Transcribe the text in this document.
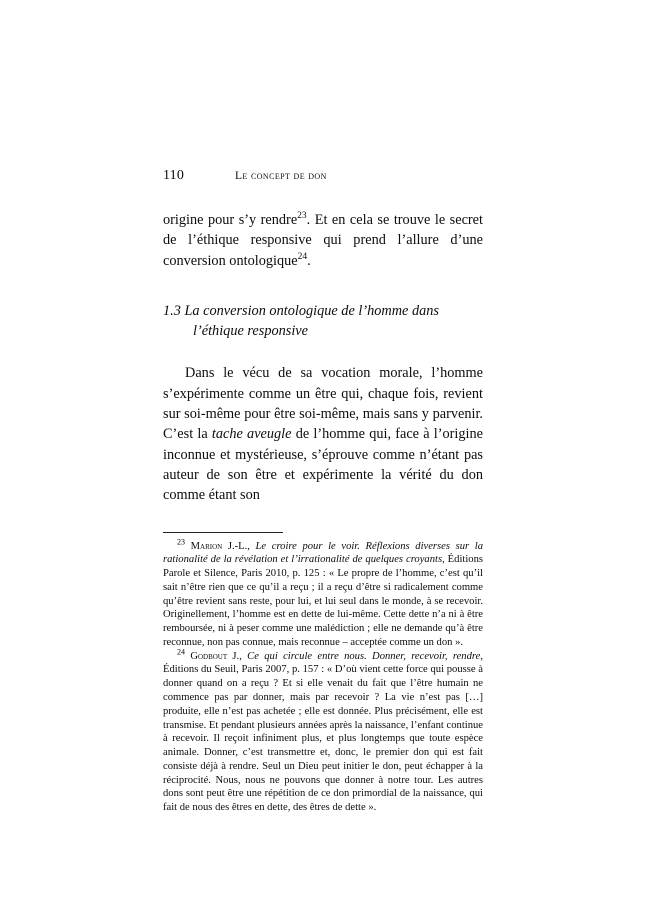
110	Le concept de don

origine pour s’y rendre$^{23}$. Et en cela se trouve le secret de l’éthique responsive qui prend l’allure d’une conversion ontologique$^{24}$.

1.3 La conversion ontologique de l’homme dans
l’éthique responsive

Dans le vécu de sa vocation morale, l’homme s’expérimente comme un être qui, chaque fois, revient sur soi-même pour être soi-même, mais sans y parvenir. C’est la tache aveugle de l’homme qui, face à l’origine inconnue et mystérieuse, s’éprouve comme n’étant pas auteur de son être et expérimente la vérité du don comme étant son

$^{23}$ Marion J.-L., Le croire pour le voir. Réflexions diverses sur la rationalité de la révélation et l’irrationalité de quelques croyants, Éditions Parole et Silence, Paris 2010, p. 125 : « Le propre de l’homme, c’est qu’il sait n’être rien que ce qu’il a reçu ; il a reçu d’être si radicalement comme qu’être revient sans reste, pour lui, et lui seul dans le monde, à se recevoir. Originellement, l’homme est en dette de lui-même. Cette dette n’a ni à être remboursée, ni à peser comme une malédiction ; elle ne demande qu’à être reconnue, non pas connue, mais reconnue – acceptée comme un don ».

$^{24}$ Godbout J., Ce qui circule entre nous. Donner, recevoir, rendre, Éditions du Seuil, Paris 2007, p. 157 : « D’où vient cette force qui pousse à donner quand on a reçu ? Et si elle venait du fait que l’être humain ne commence pas par donner, mais par recevoir ? La vie n’est pas […] produite, elle n’est pas achetée ; elle est donnée. Plus précisément, elle est transmise. Et pendant plusieurs années après la naissance, l’enfant continue à recevoir. Il reçoit infiniment plus, et plus longtemps que toute espèce animale. Donner, c’est transmettre et, donc, le premier don qui est fait consiste déjà à rendre. Seul un Dieu peut initier le don, peut échapper à la réciprocité. Nous, nous ne pouvons que donner à notre tour. Les autres dons sont peut être une répétition de ce don primordial de la naissance, qui fait de nous des êtres en dette, des êtres de dette ».
